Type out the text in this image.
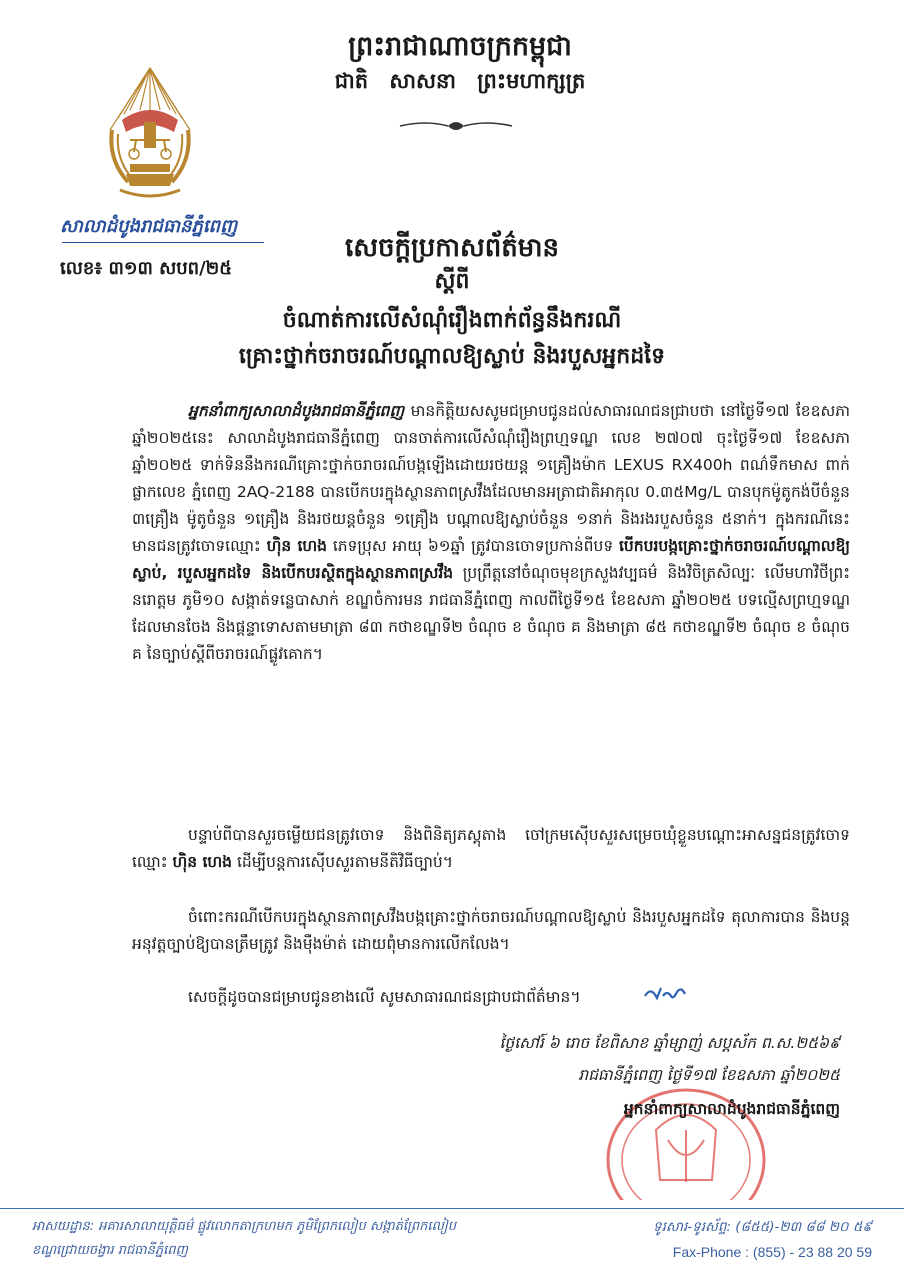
ព្រះរាជាណាចក្រកម្ពុជា
ជាតិ សាសនា ព្រះមហាក្សត្រ
សាលាដំបូងរាជធានីភ្នំពេញ
លេខ៖ ៣១៣ សបព/២៥
សេចក្ដីប្រកាសព័ត៌មាន
ស្ដីពី
ចំណាត់ការលើសំណុំរឿងពាក់ព័ន្ធនឹងករណី
គ្រោះថ្នាក់ចរាចរណ៍បណ្ដាលឱ្យស្លាប់ និងរបួសអ្នកដទៃ

អ្នកនាំពាក្យសាលាដំបូងរាជធានីភ្នំពេញ មានកិត្តិយសសូមជម្រាបជូនដល់សាធារណជនជ្រាបថា នៅថ្ងៃទី១៧ ខែឧសភា ឆ្នាំ២០២៥នេះ សាលាដំបូងរាជធានីភ្នំពេញ បានចាត់ការលើសំណុំរឿងព្រហ្មទណ្ឌ លេខ ២៧០៧ ចុះថ្ងៃទី១៧ ខែឧសភា ឆ្នាំ២០២៥ ទាក់ទិននឹងករណីគ្រោះថ្នាក់ចរាចរណ៍បង្កឡើងដោយរថយន្ត ១គ្រឿងម៉ាក LEXUS RX400h ពណ៌ទឹកមាស ពាក់ផ្លាកលេខ ភ្នំពេញ 2AQ-2188 បានបើកបរក្នុងស្ថានភាពស្រវឹងដែលមានអត្រាជាតិអាកុល 0.៣៥Mg/L បានបុកម៉ូតូកង់បីចំនួន ៣គ្រឿង ម៉ូតូចំនួន ១គ្រឿង និងរថយន្តចំនួន ១គ្រឿង បណ្ដាលឱ្យស្លាប់ចំនួន ១នាក់ និងរងរបួសចំនួន ៥នាក់។ ក្នុងករណីនេះមានជនត្រូវចោទឈ្មោះ ហ៊ិន ហេង ភេទប្រុស អាយុ ៦១ឆ្នាំ ត្រូវបានចោទប្រកាន់ពីបទ បើកបរបង្កគ្រោះថ្នាក់ចរាចរណ៍បណ្ដាលឱ្យស្លាប់, របួសអ្នកដទៃ និងបើកបរស្ថិតក្នុងស្ថានភាពស្រវឹង ប្រព្រឹត្តនៅចំណុចមុខក្រសួងវប្បធម៌ និងវិចិត្រសិល្បៈ លើមហាវិថីព្រះនរោត្តម ភូមិ១០ សង្កាត់ទន្លេបាសាក់ ខណ្ឌចំការមន រាជធានីភ្នំពេញ កាលពីថ្ងៃទី១៥ ខែឧសភា ឆ្នាំ២០២៥ បទល្មើសព្រហ្មទណ្ឌដែលមានចែង និងផ្ដន្ទាទោសតាមមាត្រា ៨៣ កថាខណ្ឌទី២ ចំណុច ខ ចំណុច គ និងមាត្រា ៨៥ កថាខណ្ឌទី២ ចំណុច ខ ចំណុច គ នៃច្បាប់ស្ដីពីចរាចរណ៍ផ្លូវគោក។

បន្ទាប់ពីបានសួរចម្លើយជនត្រូវចោទ និងពិនិត្យភស្តុតាង ចៅក្រមស៊ើបសួរសម្រេចឃុំខ្លួនបណ្ដោះអាសន្នជនត្រូវចោទឈ្មោះ ហ៊ិន ហេង ដើម្បីបន្តការស៊ើបសួរតាមនីតិវិធីច្បាប់។

ចំពោះករណីបើកបរក្នុងស្ថានភាពស្រវឹងបង្កគ្រោះថ្នាក់ចរាចរណ៍បណ្ដាលឱ្យស្លាប់ និងរបួសអ្នកដទៃ តុលាការបាន និងបន្តអនុវត្តច្បាប់ឱ្យបានត្រឹមត្រូវ និងម៉ឺងម៉ាត់ ដោយពុំមានការលើកលែង។

សេចក្ដីដូចបានជម្រាបជូនខាងលើ សូមសាធារណជនជ្រាបជាព័ត៌មាន។

ថ្ងៃសៅរ៍ ៦ រោច ខែពិសាខ ឆ្នាំម្សាញ់ សប្តស័ក ព.ស.២៥៦៩
រាជធានីភ្នំពេញ ថ្ងៃទី១៧ ខែឧសភា ឆ្នាំ២០២៥
អ្នកនាំពាក្យសាលាដំបូងរាជធានីភ្នំពេញ
អាសយដ្ឋាន: អគារសាលាយុត្តិធម៌ ផ្លូវលោកតាក្រហមក ភូមិព្រែកលៀប សង្កាត់ព្រែកលៀប
ខណ្ឌជ្រោយចង្វារ រាជធានីភ្នំពេញ
ទូរសារ-ទូរស័ព្ទ: (៨៥៥)-២៣ ៨៨ ២០ ៥៩
Fax-Phone : (855) - 23 88 20 59
